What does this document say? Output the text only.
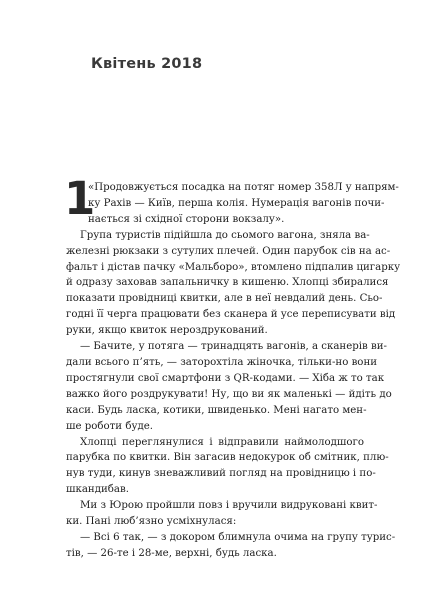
Квітень 2018
1
«Продовжується посадка на потяг номер 358Л у напрям-
ку Рахів — Київ, перша колія. Нумерація вагонів почи-
нається зі східної сторони вокзалу».
Група туристів підійшла до сьомого вагона, зняла ва-
железні рюкзаки з сутулих плечей. Один парубок сів на ас-
фальт і дістав пачку «Мальборо», втомлено підпалив цигарку
й одразу заховав запальничку в кишеню. Хлопці збиралися
показати провідниці квитки, але в неї невдалий день. Сьо-
годні її черга працювати без сканера й усе переписувати від
руки, якщо квиток нероздрукований.
— Бачите, у потяга — тринадцять вагонів, а сканерів ви-
дали всього п’ять, — заторохтіла жіночка, тільки-но вони
простягнули свої смартфони з QR-кодами. — Хіба ж то так
важко його роздрукувати! Ну, що ви як маленькі — йдіть до
каси. Будь ласка, котики, швиденько. Мені нагато мен-
ше роботи буде.
Хлопці переглянулися і відправили наймолодшого
парубка по квитки. Він загасив недокурок об смітник, плю-
нув туди, кинув зневажливий погляд на провідницю і по-
шкандибав.
Ми з Юрою пройшли повз і вручили видруковані квит-
ки. Пані люб’язно усміхнулася:
— Всі 6 так, — з докором блимнула очима на групу турис-
тів, — 26-те і 28-ме, верхні, будь ласка.
